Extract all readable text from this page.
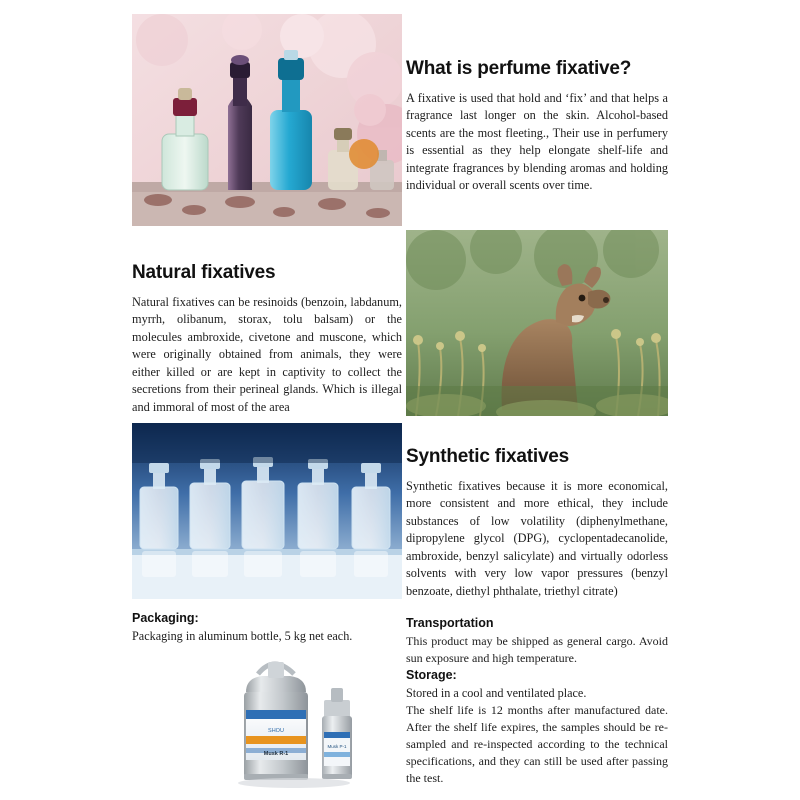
What is perfume fixative?

A fixative is used that hold and ‘fix’ and that helps a fragrance last longer on the skin. Alcohol-based scents are the most fleeting., Their use in perfumery is essential as they help elongate shelf-life and integrate fragrances by blending aromas and holding individual or overall scents over time.

Natural fixatives

Natural fixatives can be resinoids (benzoin, labdanum, myrrh, olibanum, storax, tolu balsam) or the molecules ambroxide, civetone and muscone, which were originally obtained from animals, they were either killed or are kept in captivity to collect the secretions from their perineal glands. Which is illegal and immoral of most of the area

Synthetic fixatives

Synthetic fixatives because it is more economical, more consistent and more ethical, they include substances of low volatility (diphenylmethane, dipropylene glycol (DPG), cyclopentadecanolide, ambroxide, benzyl salicylate) and virtually odorless solvents with very low vapor pressures (benzyl benzoate, diethyl phthalate, triethyl citrate)

Packaging:

Packaging in aluminum bottle, 5 kg net each.

SHOU
Musk R-1
Musk P-1
Transportation

This product may be shipped as general cargo. Avoid sun exposure and high temperature.

Storage:

Stored in a cool and ventilated place.

The shelf life is 12 months after manufactured date. After the shelf life expires, the samples should be re-sampled and re-inspected according to the technical specifications, and they can still be used after passing the test.
